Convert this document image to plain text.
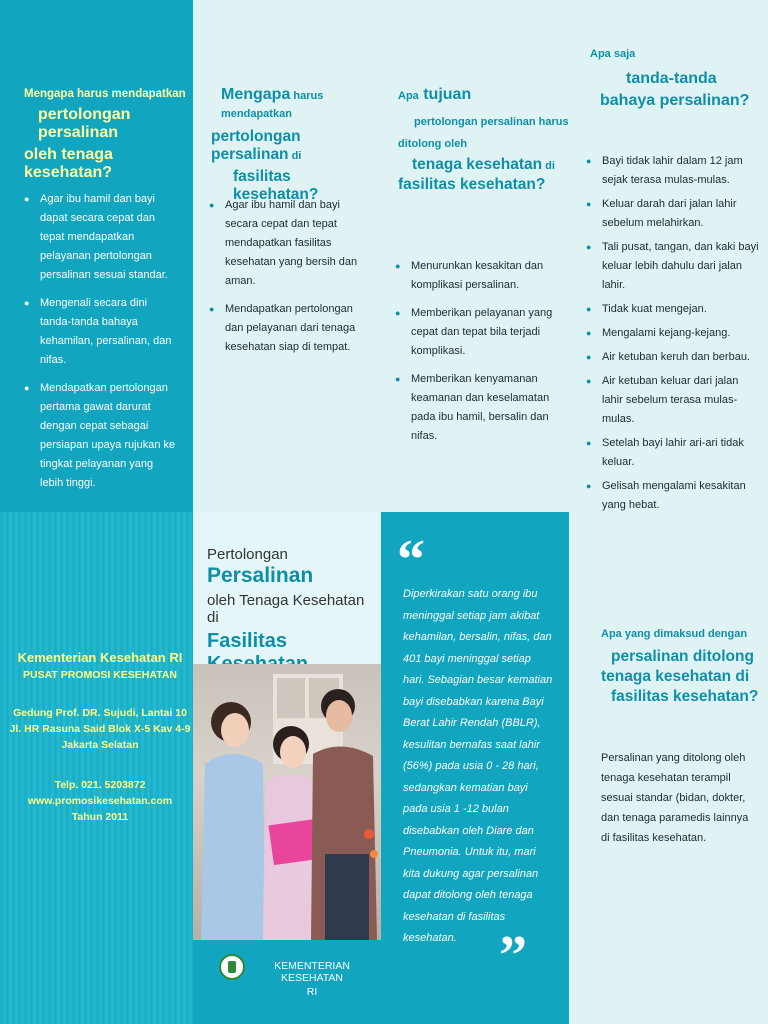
Mengapa harus mendapatkan
pertolongan persalinan
oleh tenaga kesehatan?
● Agar ibu hamil dan bayi dapat secara cepat dan tepat mendapatkan pelayanan pertolongan persalinan sesuai standar.
● Mengenali secara dini tanda-tanda bahaya kehamilan, persalinan, dan nifas.
● Mendapatkan pertolongan pertama gawat darurat dengan cepat sebagai persiapan upaya rujukan ke tingkat pelayanan yang lebih tinggi.
Mengapa harus mendapatkan
pertolongan persalinan di
fasilitas kesehatan?
● Agar ibu hamil dan bayi secara cepat dan tepat mendapatkan fasilitas kesehatan yang bersih dan aman.
● Mendapatkan pertolongan dan pelayanan dari tenaga kesehatan siap di tempat.
Apa tujuan
pertolongan persalinan harus
ditolong oleh
tenaga kesehatan di
fasilitas kesehatan?
● Menurunkan kesakitan dan komplikasi persalinan.
● Memberikan pelayanan yang cepat dan tepat bila terjadi komplikasi.
● Memberikan kenyamanan keamanan dan keselamatan pada ibu hamil, bersalin dan nifas.
Apa saja
tanda-tanda
bahaya persalinan?
● Bayi tidak lahir dalam 12 jam sejak terasa mulas-mulas.
● Keluar darah dari jalan lahir sebelum melahirkan.
● Tali pusat, tangan, dan kaki bayi keluar lebih dahulu dari jalan lahir.
● Tidak kuat mengejan.
● Mengalami kejang-kejang.
● Air ketuban keruh dan berbau.
● Air ketuban keluar dari jalan lahir sebelum terasa mulas-mulas.
● Setelah bayi lahir ari-ari tidak keluar.
● Gelisah mengalami kesakitan yang hebat.
●
Kementerian Kesehatan RI
PUSAT PROMOSI KESEHATAN
Gedung Prof. DR. Sujudi, Lantai 10
Jl. HR Rasuna Said Blok X-5 Kav 4-9
Jakarta Selatan
Telp. 021. 5203872
www.promosikesehatan.com
Tahun 2011
Pertolongan Persalinan
oleh Tenaga Kesehatan di
Fasilitas
KEMENTERIAN KESEHATAN
RI
“
Diperkirakan satu orang ibu meninggal setiap jam akibat kehamilan, bersalin, nifas, dan 401 bayi meninggal setiap hari. Sebagian besar kematian bayi disebabkan karena Bayi Berat Lahir Rendah (BBLR), kesulitan bernafas saat lahir (56%) pada usia 0 - 28 hari, sedangkan kematian bayi pada usia 1 -12 bulan disebabkan oleh Diare dan Pneumonia. Untuk itu, mari kita dukung agar persalinan dapat ditolong oleh tenaga kesehatan di fasilitas kesehatan. ”
Apa yang dimaksud dengan
persalinan ditolong
tenaga kesehatan di
fasilitas kesehatan?
Persalinan yang ditolong oleh tenaga kesehatan terampil sesuai standar (bidan, dokter, dan tenaga paramedis lainnya di fasilitas kesehatan.
